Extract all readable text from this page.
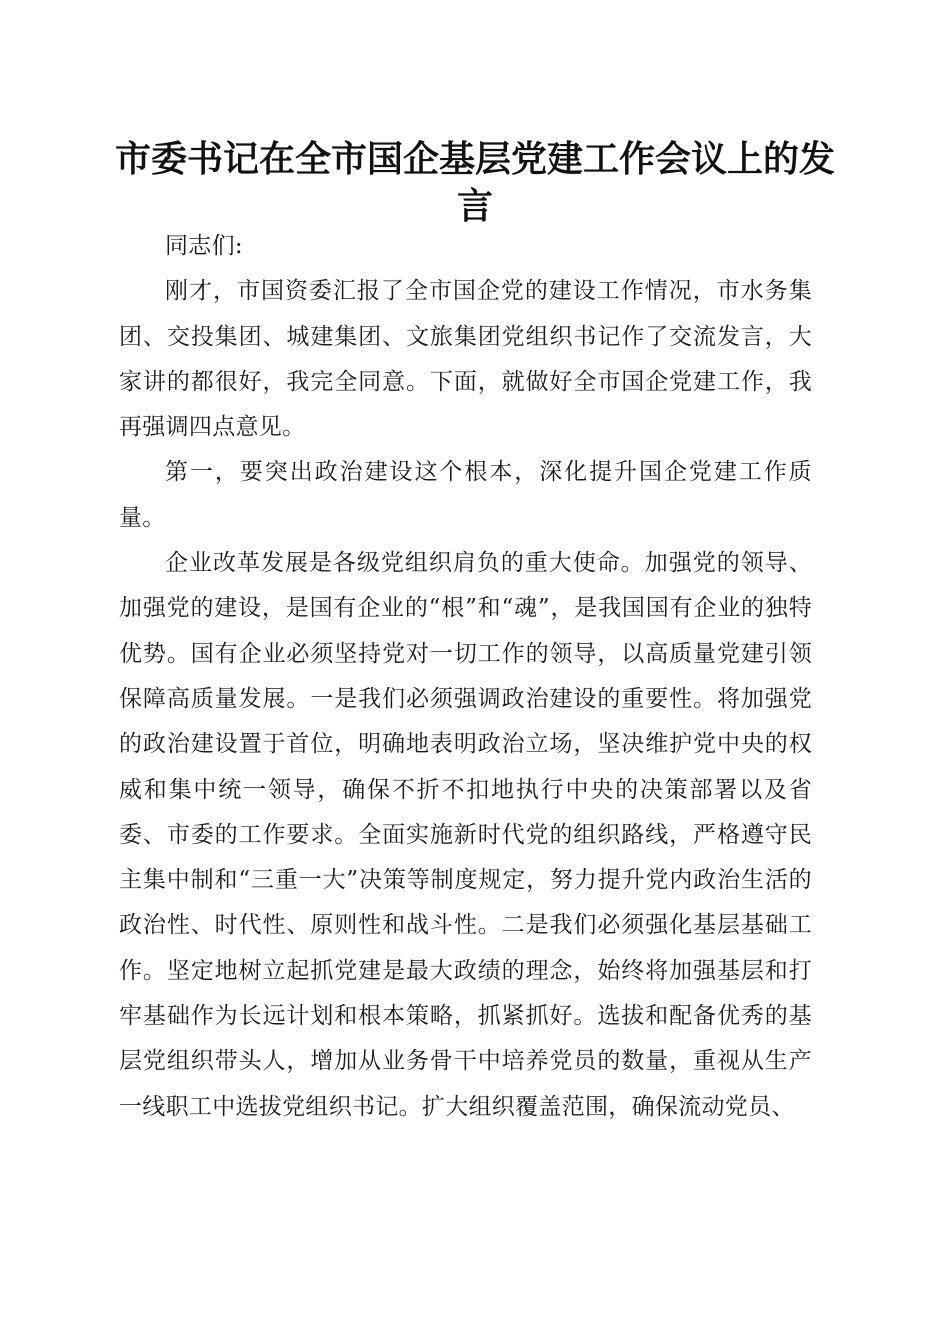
市委书记在全市国企基层党建工作会议上的发言

同志们:

刚才，市国资委汇报了全市国企党的建设工作情况，市水务集团、交投集团、城建集团、文旅集团党组织书记作了交流发言，大家讲的都很好，我完全同意。下面，就做好全市国企党建工作，我再强调四点意见。

第一，要突出政治建设这个根本，深化提升国企党建工作质量。

企业改革发展是各级党组织肩负的重大使命。加强党的领导、加强党的建设，是国有企业的“根”和“魂”，是我国国有企业的独特优势。国有企业必须坚持党对一切工作的领导，以高质量党建引领保障高质量发展。一是我们必须强调政治建设的重要性。将加强党的政治建设置于首位，明确地表明政治立场，坚决维护党中央的权威和集中统一领导，确保不折不扣地执行中央的决策部署以及省委、市委的工作要求。全面实施新时代党的组织路线，严格遵守民主集中制和“三重一大”决策等制度规定，努力提升党内政治生活的政治性、时代性、原则性和战斗性。二是我们必须强化基层基础工作。坚定地树立起抓党建是最大政绩的理念，始终将加强基层和打牢基础作为长远计划和根本策略，抓紧抓好。选拔和配备优秀的基层党组织带头人，增加从业务骨干中培养党员的数量，重视从生产一线职工中选拔党组织书记。扩大组织覆盖范围，确保流动党员、
